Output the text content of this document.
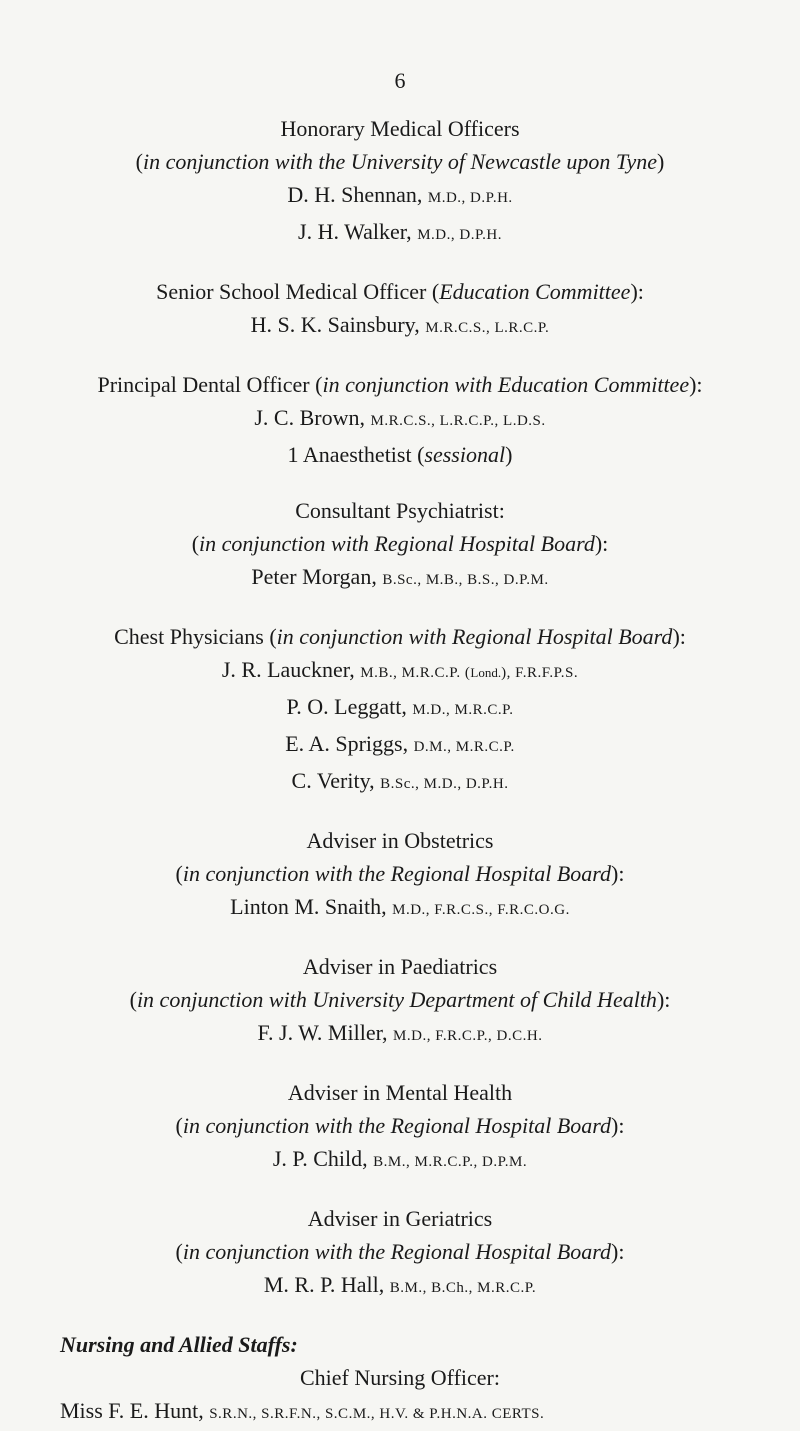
6
Honorary Medical Officers
(in conjunction with the University of Newcastle upon Tyne)
D. H. Shennan, M.D., D.P.H.
J. H. Walker, M.D., D.P.H.
Senior School Medical Officer (Education Committee):
H. S. K. Sainsbury, M.R.C.S., L.R.C.P.
Principal Dental Officer (in conjunction with Education Committee):
J. C. Brown, M.R.C.S., L.R.C.P., L.D.S.
1 Anaesthetist (sessional)
Consultant Psychiatrist:
(in conjunction with Regional Hospital Board):
Peter Morgan, B.Sc., M.B., B.S., D.P.M.
Chest Physicians (in conjunction with Regional Hospital Board):
J. R. Lauckner, M.B., M.R.C.P. (Lond.), F.R.F.P.S.
P. O. Leggatt, M.D., M.R.C.P.
E. A. Spriggs, D.M., M.R.C.P.
C. Verity, B.Sc., M.D., D.P.H.
Adviser in Obstetrics
(in conjunction with the Regional Hospital Board):
Linton M. Snaith, M.D., F.R.C.S., F.R.C.O.G.
Adviser in Paediatrics
(in conjunction with University Department of Child Health):
F. J. W. Miller, M.D., F.R.C.P., D.C.H.
Adviser in Mental Health
(in conjunction with the Regional Hospital Board):
J. P. Child, B.M., M.R.C.P., D.P.M.
Adviser in Geriatrics
(in conjunction with the Regional Hospital Board):
M. R. P. Hall, B.M., B.Ch., M.R.C.P.
Nursing and Allied Staffs:
Chief Nursing Officer:
Miss F. E. Hunt, S.R.N., S.R.F.N., S.C.M., H.V. & P.H.N.A. CERTS.
